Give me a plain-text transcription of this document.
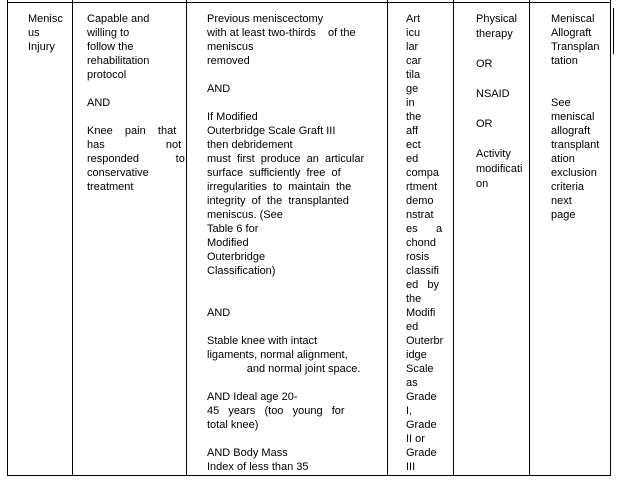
Menisc
us
Injury
Capable and
willing to
follow the
rehabilitation
protocol

AND

Knee    pain    that
has                    not
responded            to
conservative
treatment
Previous meniscectomy
with at least two-thirds    of the
meniscus
removed

AND

If Modified
Outerbridge Scale Graft III
then debridement
must  first  produce  an  articular
surface  sufficiently  free  of
irregularities  to  maintain  the
integrity  of  the  transplanted
meniscus. (See
Table 6 for
Modified
Outerbridge
Classification)

AND

Stable knee with intact
ligaments, normal alignment,
and normal joint space.

AND Ideal age 20-
45   years   (too   young   for
total knee)

AND Body Mass
Index of less than 35
Art
icu
lar
car
tila
ge
in
the
aff
ect
ed
compa
rtment
demo
nstrat
es      a
chond
rosis
classifi
ed   by
the
Modifi
ed
Outerbr
idge
Scale
as
Grade
I,
Grade
II or
Grade
III
Physical
therapy

OR

NSAID

OR

Activity
modificati
on
Meniscal
Allograft
Transplan
tation

See
meniscal
allograft
transplant
ation
exclusion
criteria
next
page
